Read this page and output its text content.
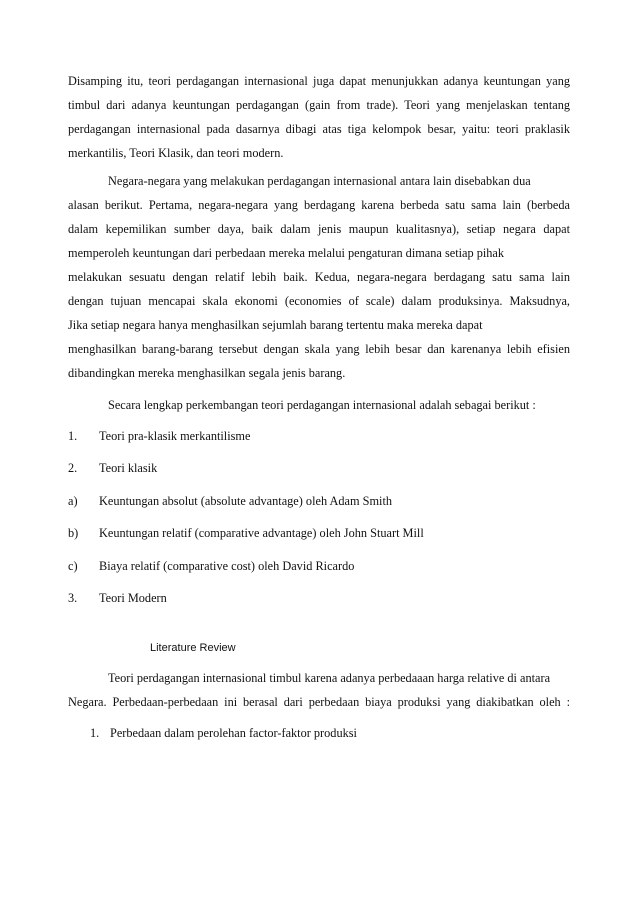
Disamping itu, teori perdagangan internasional juga dapat menunjukkan adanya keuntungan yang
timbul dari adanya keuntungan perdagangan (gain from trade). Teori yang menjelaskan tentang
perdagangan internasional pada dasarnya dibagi atas tiga kelompok besar, yaitu: teori praklasik
merkantilis, Teori Klasik, dan teori modern.
Negara-negara yang melakukan perdagangan internasional antara lain disebabkan dua
alasan berikut. Pertama, negara-negara yang berdagang karena berbeda satu sama lain (berbeda
dalam kepemilikan sumber daya, baik dalam jenis maupun kualitasnya), setiap negara dapat
memperoleh keuntungan dari perbedaan mereka melalui pengaturan dimana setiap pihak
melakukan sesuatu dengan relatif lebih baik. Kedua, negara-negara berdagang satu sama lain
dengan tujuan mencapai skala ekonomi (economies of scale) dalam produksinya. Maksudnya,
Jika setiap negara hanya menghasilkan sejumlah barang tertentu maka mereka dapat
menghasilkan barang-barang tersebut dengan skala yang lebih besar dan karenanya lebih efisien
dibandingkan mereka menghasilkan segala jenis barang.
Secara lengkap perkembangan teori perdagangan internasional adalah sebagai berikut :
1. Teori pra-klasik merkantilisme
2. Teori klasik
a) Keuntungan absolut (absolute advantage) oleh Adam Smith
b) Keuntungan relatif (comparative advantage) oleh John Stuart Mill
c) Biaya relatif (comparative cost) oleh David Ricardo
3. Teori Modern
Literature Review
Teori perdagangan internasional timbul karena adanya perbedaaan harga relative di antara
Negara. Perbedaan-perbedaan ini berasal dari perbedaan biaya produksi yang diakibatkan oleh :
1. Perbedaan dalam perolehan factor-faktor produksi
